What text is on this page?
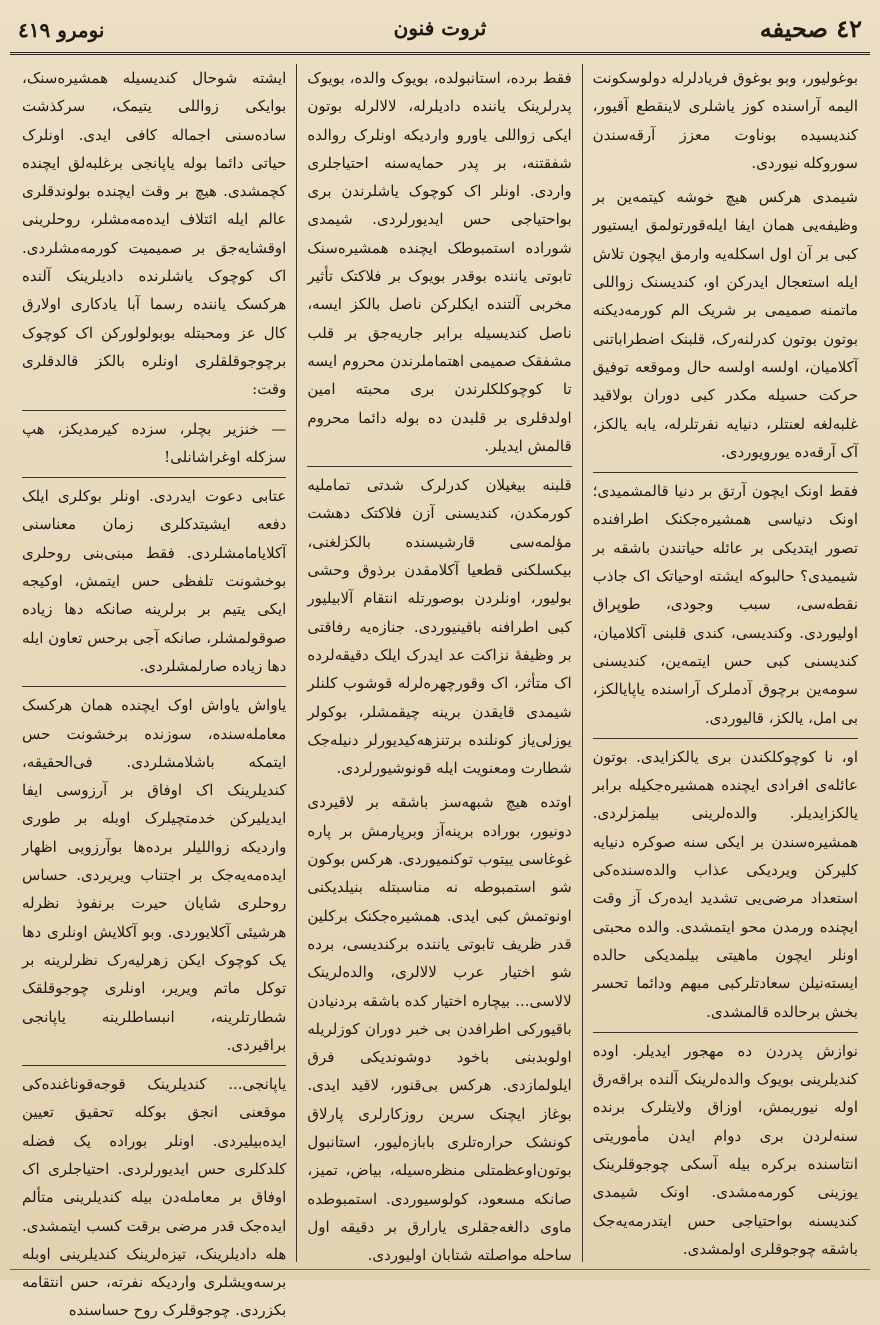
٤٢ صحيفه
ثروت فنون
نومرو ٤١٩

بوغولیور، وبو بوغوق فریادلرله دولوسکونت الیمه آراسنده کوز یاشلری لاینقطع آقیور، کندیسیده بوناوت معزز آرقه‌سندن سوروکله نیوردی.

شیمدی هرکس هیچ خوشه کیتمه‌ین بر وظیفه‌یی همان ایفا ایله‌قورتولمق ایستیور کبی بر آن اول اسکله‌یه وارمق ایچون تلاش ایله استعجال ایدرکن او، کندیسنک زواللی ماتمنه صمیمی بر شریک الم کورمه‌دیکنه بوتون بوتون کدرلنه‌رک، قلبنک اضطراباتنی آکلامیان، اولسه اولسه حال وموقعه توفیق حرکت حسیله مکدر کبی دوران بولاقید غلبه‌لغه لعنتلر، دنیایه نفرتلرله، یابه یالکز، آک آرقه‌ده یورویوردی.

فقط اونک ایچون آرتق بر دنیا قالمشمیدی؛ اونک دنیاسی همشیره‌جکنک اطرافنده تصور ایتدیکی بر عائله حیاتندن باشقه بر شیمیدی؟ حالبوکه ایشته اوحیاتک اک جاذب نقطه‌سی، سبب وجودی، طوپراق اولیوردی. وکندیسی، کندی قلبنی آکلامیان، کندیسنی کبی حس ایتمه‌ین، کندیسنی سومه‌ین برچوق آدملرک آراسنده یاپایالکز، بی امل، یالکز، قالیوردی.

او، نا کوچوکلکندن بری یالکزایدی. بوتون عائله‌ی افرادی ایچنده همشیره‌جکیله برابر یالکزایدیلر. والده‌لرینی بیلمزلردی. همشیره‌سندن بر ایکی سنه صوکره دنیایه کلیرکن ویردیکی عذاب والده‌سنده‌کی استعداد مرضی‌یی تشدید ایده‌رک آز وقت ایچنده ورمدن محو ایتمشدی. والده محبتی اونلر ایچون ماهیتی بیلمدیکی حالده ایسته‌نیلن سعادتلرکبی مبهم ودائما تحسر بخش برحالده قالمشدی.

نوازش پدردن ده مهجور ایدیلر. اوده کندیلرینی بویوک والده‌لرینک آلنده براقه‌رق اوله نیوریمش، اوزاق ولایتلرک برنده سنه‌لردن بری دوام ایدن مأموریتی انتاسنده برکره بیله آسکی چوجوقلرینک یوزینی کورمه‌مشدی. اونک شیمدی کندیسنه بواحتیاجی حس ایتدرمه‌یه‌جک باشقه چوجوقلری اولمشدی.

فقط برده، استانبولده، بویوک والده، بویوک پدرلرینک یاننده دادیلرله، لالالرله بوتون ایکی زواللی یاورو واردیکه اونلرک روالده شفقتنه، بر پدر حمایه‌سنه احتیاجلری واردی. اونلر اک کوچوک یاشلرندن بری بواحتیاجی حس ایدیورلردی. شیمدی شوراده استمبوطک ایچنده همشیره‌سنک تابوتی یاننده بوقدر بویوک بر فلاکتک تأثیر مخربی آلتنده ایکلرکن ناصل بالکز ایسه، ناصل کندیسیله برابر جاریه‌جق بر قلب مشفقک صمیمی اهتماملرندن محروم ایسه تا کوچوکلکلرندن بری محبته امین اولدقلری بر قلبدن ده بوله دائما محروم قالمش ایدیلر.

قلبنه بیغیلان کدرلرک شدتی تماملیه کورمکدن، کندیسنی آزن فلاکتک دهشت مؤلمه‌سی قارشیسنده بالکزلغنی، بیکسلکنی قطعیا آکلامقدن برذوق وحشی بولیور، اونلردن بوصورتله انتقام آلابیلیور کبی اطرافنه باقینیوردی. جنازه‌یه رفاقتی بر وظیفهٔ نزاکت عد ایدرک ایلک دقیقه‌لرده اک متأثر، اک وقورچهره‌لرله قوشوب کلنلر شیمدی قایقدن برینه چیقمشلر، بوکولر یوزلی‌یاز کونلنده برتنزهه‌کیدیورلر دنیله‌جک شطارت ومعنویت ایله قونوشیورلردی.

اوتده هیچ شبهه‌سز باشقه بر لاقیردی دونیور، بوراده برینه‌آز وبرپارمش بر پاره غوغاسی ییتوب توکنمیوردی. هرکس بوکون شو استمبوطه نه مناسبتله بنیلدیکنی اونوتمش کبی ایدی. همشیره‌جکنک برکلین قدر ظریف تابوتی یاننده برکندیسی، برده شو اختیار عرب لالالری، والده‌لرینک لالاسی... بیچاره اختیار کده باشقه بردنیادن باقیورکی اطرافدن بی خبر دوران کوزلریله اولوبدبنی باخود دوشوندیکی فرق ایلولمازدی. هرکس بی‌قنور، لاقید ایدی. بوغاز ایچنک سرین روزکارلری پارلاق کونشک حراره‌تلری بابازه‌لیور، استانبول بوتون‌اوعظمتلی منظره‌سیله، بیاض، تمیز، صانکه مسعود، کولوسیوردی. استمبوطده ماوی دالغه‌جقلری یارارق بر دقیقه اول ساحله مواصلته شتابان اولیوردی.

ایشته شوحال کندیسیله همشیره‌سنک، بوایکی زواللی یتیمک، سرکذشت ساده‌سنی اجماله کافی ایدی. اونلرک حیاتی دائما بوله یاپانجی برغلبه‌لق ایچنده کچمشدی. هیچ بر وقت ایچنده بولوندقلری عالم ایله ائتلاف ایده‌مه‌مشلر، روحلرینی اوقشایه‌جق بر صمیمیت کورمه‌مشلردی. اک کوچوک یاشلرنده دادیلرینک آلنده هرکسک یاننده رسما آبا یادکاری اولارق کال عز ومحبتله بوبولولورکن اک کوچوک برچوجوقلقلری اونلره بالکز قالدقلری وقت:

— خنزیر بچلر، سزده کیرمدیکز، هپ سزکله اوغراشانلی!

عتابی دعوت ایدردی. اونلر بوکلری ایلک دفعه ایشیتدکلری زمان معناسنی آکلایامامشلردی. فقط مبنی‌بنی روحلری بوخشونت تلفظی حس ایتمش، اوکیجه ایکی یتیم بر برلرینه صانکه دها زیاده صوقولمشلر، صانکه آجی برحس تعاون ایله دها زیاده صارلمشلردی.

یاواش یاواش اوک ایچنده همان هرکسک معامله‌سنده، سوزنده برخشونت حس ایتمکه باشلامشلردی. فی‌الحقیقه، کندیلرینک اک اوفاق بر آرزوسی ایفا ایدیلیرکن خدمتچیلرک اوبله بر طوری واردیکه زواللیلر برده‌ها بوآرزویی اظهار ایده‌مه‌یه‌جک بر اجتناب ویریردی. حساس روحلری شایان حیرت برنفوذ نظرله هرشیئی آکلایوردی. وبو آکلایش اونلری دها یک کوچوک ایکن زهرلیه‌رک نظرلرینه بر توکل ماتم ویریر، اونلری چوجوقلقک شطارتلرینه، انبساطلرینه یاپانجی براقیردی.

یاپانجی... کندیلرینک قوجه‌قوناغنده‌کی موقعنی انجق بوکله تحقیق تعیین ایده‌بیلیردی. اونلر بوراده یک فضله کلدکلری حس ایدیورلردی. احتیاجلری اک اوفاق بر معامله‌دن بیله کندیلرینی متألم ایده‌جک قدر مرضی برقت کسب ایتمشدی. هله دادیلرینک، تیزه‌لرینک کندیلرینی اوبله برسه‌ویشلری واردیکه نفرته، حس انتقامه بکزردی. چوجوقلرک روح حساسنده
